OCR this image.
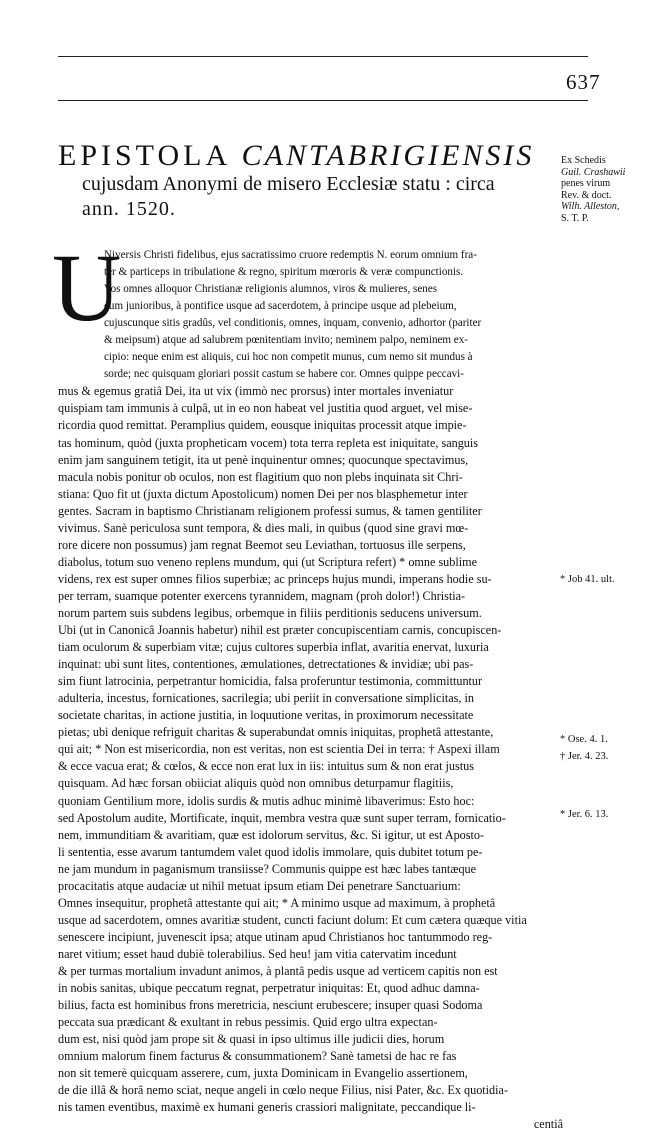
637
EPISTOLA CANTABRIGIENSIS
cujusdam Anonymi de misero Ecclesiæ statu : circa
ann. 1520.
Ex Schedis
Guil. Crashawii
penes virum
Rev. & doct.
Wilh. Alleston,
S. T. P.
U
Niversis Christi fidelibus, ejus sacratissimo cruore redemptis N. eorum omnium fra-
ter & particeps in tribulatione & regno, spiritum mœroris & veræ compunctionis.
Vos omnes alloquor Christianæ religionis alumnos, viros & mulieres, senes
cum junioribus, à pontifice usque ad sacerdotem, à principe usque ad plebeium,
cujuscunque sitis gradûs, vel conditionis, omnes, inquam, convenio, adhortor (pariter
& meipsum) atque ad salubrem pœnitentiam invito; neminem palpo, neminem ex-
cipio: neque enim est aliquis, cui hoc non competit munus, cum nemo sit mundus à
sorde; nec quisquam gloriari possit castum se habere cor. Omnes quippe peccavi-
mus & egemus gratiâ Dei, ita ut vix (immò nec prorsus) inter mortales inveniatur
quispiam tam immunis à culpâ, ut in eo non habeat vel justitia quod arguet, vel mise-
ricordia quod remittat. Peramplius quidem, eousque iniquitas processit atque impie-
tas hominum, quòd (juxta propheticam vocem) tota terra repleta est iniquitate, sanguis
enim jam sanguinem tetigit, ita ut penè inquinentur omnes; quocunque spectavimus,
macula nobis ponitur ob oculos, non est flagitium quo non plebs inquinata sit Chri-
stiana: Quo fit ut (juxta dictum Apostolicum) nomen Dei per nos blasphemetur inter
gentes. Sacram in baptismo Christianam religionem professi sumus, & tamen gentiliter
vivimus. Sanè periculosa sunt tempora, & dies mali, in quibus (quod sine gravi mœ-
rore dicere non possumus) jam regnat Beemot seu Leviathan, tortuosus ille serpens,
diabolus, totum suo veneno replens mundum, qui (ut Scriptura refert) * omne sublime
videns, rex est super omnes filios superbiæ; ac princeps hujus mundi, imperans hodie su-
per terram, suamque potenter exercens tyrannidem, magnam (proh dolor!) Christia-
norum partem suis subdens legibus, orbemque in filiis perditionis seducens universum.
Ubi (ut in Canonicâ Joannis habetur) nihil est præter concupiscentiam carnis, concupiscen-
tiam oculorum & superbiam vitæ; cujus cultores superbia inflat, avaritia enervat, luxuria
inquinat: ubi sunt lites, contentiones, æmulationes, detrectationes & invidiæ; ubi pas-
sim fiunt latrocinia, perpetrantur homicidia, falsa proferuntur testimonia, committuntur
adulteria, incestus, fornicationes, sacrilegia; ubi periit in conversatione simplicitas, in
societate charitas, in actione justitia, in loquutione veritas, in proximorum necessitate
pietas; ubi denique refriguit charitas & superabundat omnis iniquitas, prophetâ attestante,
qui ait; * Non est misericordia, non est veritas, non est scientia Dei in terra: † Aspexi illam
& ecce vacua erat; & cœlos, & ecce non erat lux in iis: intuitus sum & non erat justus
quisquam. Ad hæc forsan obiiciat aliquis quòd non omnibus deturpamur flagitiis,
quoniam Gentilium more, idolis surdis & mutis adhuc minimè libaverimus: Esto hoc:
sed Apostolum audite, Mortificate, inquit, membra vestra quæ sunt super terram, fornicatio-
nem, immunditiam & avaritiam, quæ est idolorum servitus, &c. Si igitur, ut est Aposto-
li sententia, esse avarum tantumdem valet quod idolis immolare, quis dubitet totum pe-
ne jam mundum in paganismum transiisse? Communis quippe est hæc labes tantæque
procacitatis atque audaciæ ut nihil metuat ipsum etiam Dei penetrare Sanctuarium:
Omnes insequitur, prophetâ attestante qui ait; * A minimo usque ad maximum, à prophetâ
usque ad sacerdotem, omnes avaritiæ student, cuncti faciunt dolum: Et cum cætera quæque vitia
senescere incipiunt, juvenescit ipsa; atque utinam apud Christianos hoc tantummodo reg-
naret vitium; esset haud dubiè tolerabilius. Sed heu! jam vitia catervatim incedunt
& per turmas mortalium invadunt animos, à plantâ pedis usque ad verticem capitis non est
in nobis sanitas, ubique peccatum regnat, perpetratur iniquitas: Et, quod adhuc damna-
bilius, facta est hominibus frons meretricia, nesciunt erubescere; insuper quasi Sodoma
peccata sua prædicant & exultant in rebus pessimis. Quid ergo ultra expectan-
dum est, nisi quòd jam prope sit & quasi in ipso ultimus ille judicii dies, horum
omnium malorum finem facturus & consummationem? Sanè tametsi de hac re fas
non sit temerè quicquam asserere, cum, juxta Dominicam in Evangelio assertionem,
de die illâ & horâ nemo sciat, neque angeli in cœlo neque Filius, nisi Pater, &c. Ex quotidia-
nis tamen eventibus, maximè ex humani generis crassiori malignitate, peccandique li-
centiâ
* Job 41. ult.
* Ose. 4. 1.
† Jer. 4. 23.
* Jer. 6. 13.
